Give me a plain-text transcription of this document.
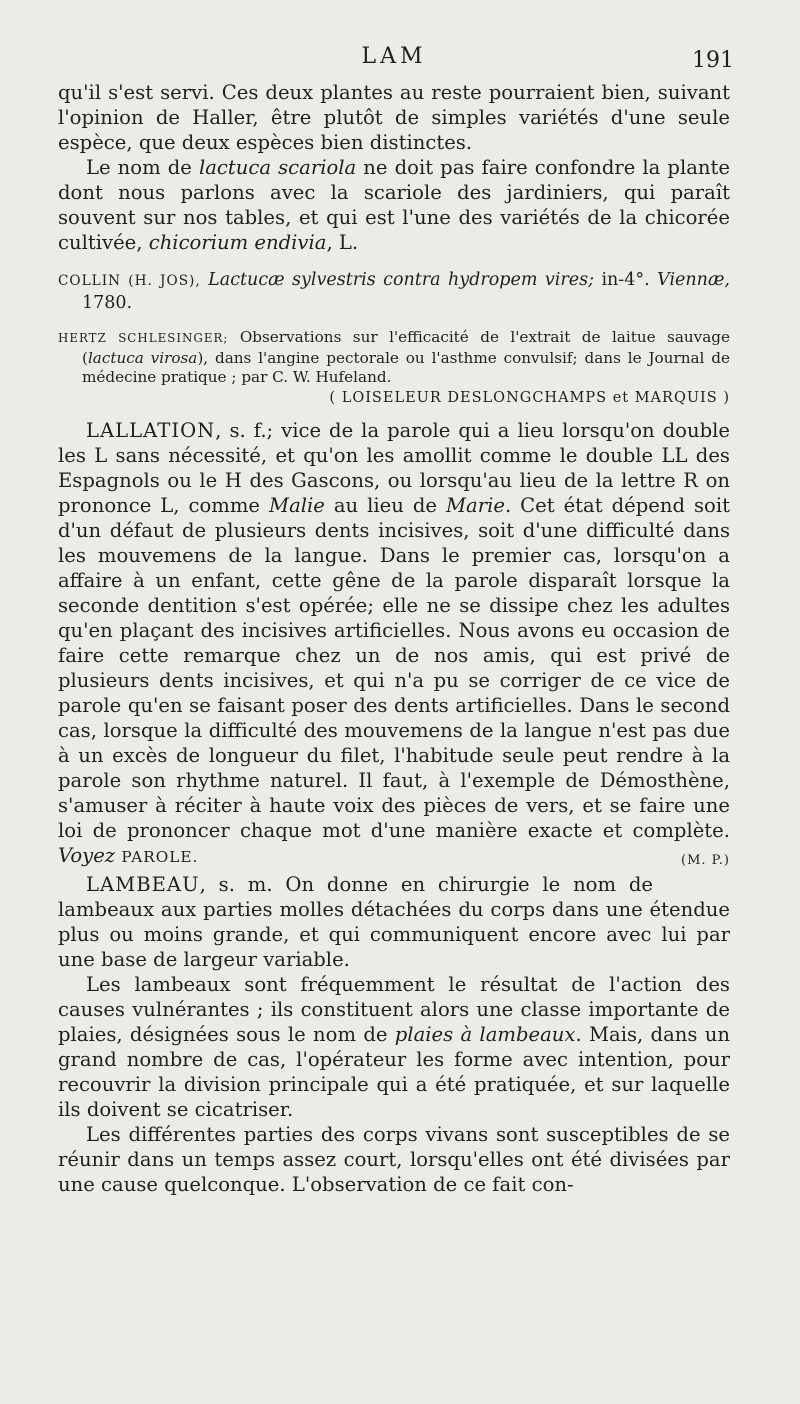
LAM	191

qu'il s'est servi. Ces deux plantes au reste pourraient bien, suivant l'opinion de Haller, être plutôt de simples variétés d'une seule espèce, que deux espèces bien distinctes.

Le nom de lactuca scariola ne doit pas faire confondre la plante dont nous parlons avec la scariole des jardiniers, qui paraît souvent sur nos tables, et qui est l'une des variétés de la chicorée cultivée, chicorium endivia, L.

COLLIN (H. JOS), Lactucæ sylvestris contra hydropem vires; in-4°. Viennæ, 1780.

HERTZ SCHLESINGER; Observations sur l'efficacité de l'extrait de laitue sauvage (lactuca virosa), dans l'angine pectorale ou l'asthme convulsif; dans le Journal de médecine pratique ; par C. W. Hufeland.

( LOISELEUR DESLONGCHAMPS et MARQUIS )

LALLATION, s. f.; vice de la parole qui a lieu lorsqu'on double les L sans nécessité, et qu'on les amollit comme le double LL des Espagnols ou le H des Gascons, ou lorsqu'au lieu de la lettre R on prononce L, comme Malie au lieu de Marie. Cet état dépend soit d'un défaut de plusieurs dents incisives, soit d'une difficulté dans les mouvemens de la langue. Dans le premier cas, lorsqu'on a affaire à un enfant, cette gêne de la parole disparaît lorsque la seconde dentition s'est opérée; elle ne se dissipe chez les adultes qu'en plaçant des incisives artificielles. Nous avons eu occasion de faire cette remarque chez un de nos amis, qui est privé de plusieurs dents incisives, et qui n'a pu se corriger de ce vice de parole qu'en se faisant poser des dents artificielles. Dans le second cas, lorsque la difficulté des mouvemens de la langue n'est pas due à un excès de longueur du filet, l'habitude seule peut rendre à la parole son rhythme naturel. Il faut, à l'exemple de Démosthène, s'amuser à réciter à haute voix des pièces de vers, et se faire une loi de prononcer chaque mot d'une manière exacte et complète. Voyez PAROLE.	(M. P.)

LAMBEAU, s. m. On donne en chirurgie le nom de lambeaux aux parties molles détachées du corps dans une étendue plus ou moins grande, et qui communiquent encore avec lui par une base de largeur variable.

Les lambeaux sont fréquemment le résultat de l'action des causes vulnérantes ; ils constituent alors une classe importante de plaies, désignées sous le nom de plaies à lambeaux. Mais, dans un grand nombre de cas, l'opérateur les forme avec intention, pour recouvrir la division principale qui a été pratiquée, et sur laquelle ils doivent se cicatriser.

Les différentes parties des corps vivans sont susceptibles de se réunir dans un temps assez court, lorsqu'elles ont été divisées par une cause quelconque. L'observation de ce fait con-
